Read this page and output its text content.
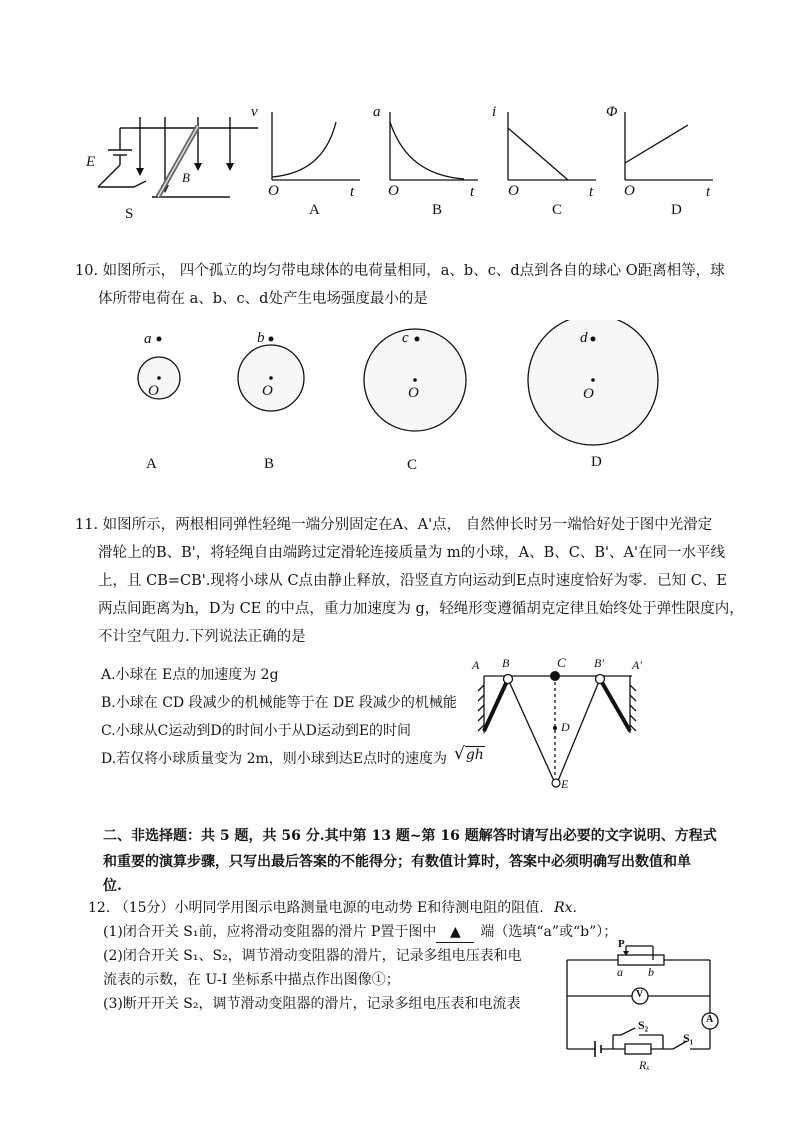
E
B
S
v
t
O
A
a
t
O
B
i
t
O
C
Φ
t
O
D
10. 如图所示， 四个孤立的均匀带电球体的电荷量相同，a、b、c、d点到各自的球心 O距离相等，球
体所带电荷在 a、b、c、d处产生电场强度最小的是
a
O
A
b
O
B
c
O
C
d
O
D
11. 如图所示，两根相同弹性轻绳一端分别固定在A、A'点， 自然伸长时另一端恰好处于图中光滑定
滑轮上的B、B'，将轻绳自由端跨过定滑轮连接质量为 m的小球，A、B、C、B'、A'在同一水平线
上，且 CB=CB'.现将小球从 C点由静止释放，沿竖直方向运动到E点时速度恰好为零．已知 C、E
两点间距离为h，D为 CE 的中点，重力加速度为 g，轻绳形变遵循胡克定律且始终处于弹性限度内，
不计空气阻力.下列说法正确的是
A.小球在 E点的加速度为 2g
B.小球在 CD 段减少的机械能等于在 DE 段减少的机械能
C.小球从C运动到D的时间小于从D运动到E的时间
D.若仅将小球质量变为 2m，则小球到达E点时的速度为 √gh
A B	C B' A'
D
E
二、非选择题：共 5 题，共 56 分.其中第 13 题~第 16 题解答时请写出必要的文字说明、方程式
和重要的演算步骤，只写出最后答案的不能得分；有数值计算时，答案中必须明确写出数值和单
位.
12. （15分）小明同学用图示电路测量电源的电动势 E和待测电阻的阻值. Rx.
(1)闭合开关 S₁前，应将滑动变阻器的滑片 P置于图中 ▲ 端（选填“a”或“b”）；
(2)闭合开关 S₁、S₂，调节滑动变阻器的滑片，记录多组电压表和电
流表的示数，在 U-I 坐标系中描点作出图像①；
(3)断开开关 S₂，调节滑动变阻器的滑片，记录多组电压表和电流表
P
a b
V
A
S₂
S₁
Rₓ
